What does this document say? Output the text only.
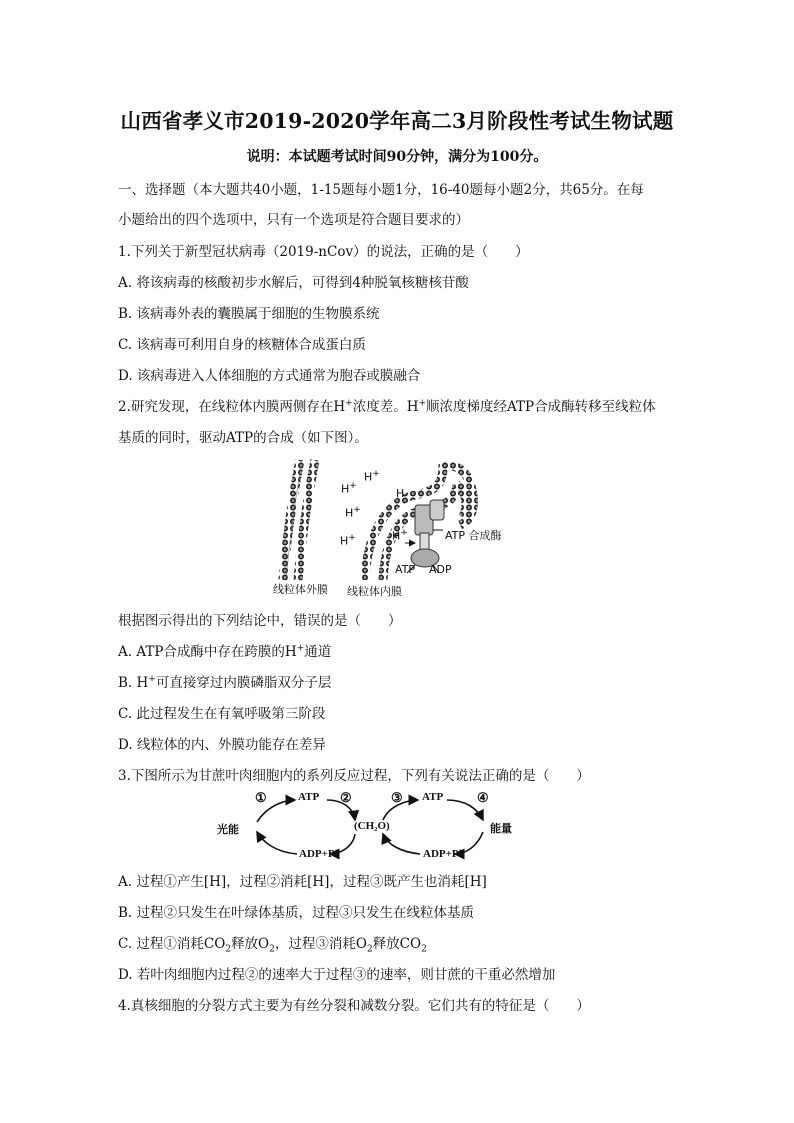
山西省孝义市2019-2020学年高二3月阶段性考试生物试题
说明：本试题考试时间90分钟，满分为100分。
一、选择题（本大题共40小题，1-15题每小题1分，16-40题每小题2分，共65分。在每
小题给出的四个选项中，只有一个选项是符合题目要求的）
1.下列关于新型冠状病毒（2019-nCov）的说法，正确的是（　　）
A. 将该病毒的核酸初步水解后，可得到4种脱氧核糖核苷酸
B. 该病毒外表的囊膜属于细胞的生物膜系统
C. 该病毒可利用自身的核糖体合成蛋白质
D. 该病毒进入人体细胞的方式通常为胞吞或膜融合
2.研究发现，在线粒体内膜两侧存在H+浓度差。H+顺浓度梯度经ATP合成酶转移至线粒体
基质的同时，驱动ATP的合成（如下图）。
H+
H+
H
H+
H+	H+	ATP 合成酶
ATP ADP
线粒体外膜 线粒体内膜
根据图示得出的下列结论中，错误的是（　　）
A. ATP合成酶中存在跨膜的H+通道
B. H+可直接穿过内膜磷脂双分子层
C. 此过程发生在有氧呼吸第三阶段
D. 线粒体的内、外膜功能存在差异
3.下图所示为甘蔗叶肉细胞内的系列反应过程，下列有关说法正确的是（　　）
①	ATP ②	③ ATP	④
光能	(CH₂O)	能量
ADP+Pi	ADP+Pi
A. 过程①产生[H]，过程②消耗[H]，过程③既产生也消耗[H]
B. 过程②只发生在叶绿体基质，过程③只发生在线粒体基质
C. 过程①消耗$CO_2$释放$O_2$，过程③消耗$O_2$释放$CO_2$
D. 若叶肉细胞内过程②的速率大于过程③的速率，则甘蔗的干重必然增加
4.真核细胞的分裂方式主要为有丝分裂和减数分裂。它们共有的特征是（　　）
